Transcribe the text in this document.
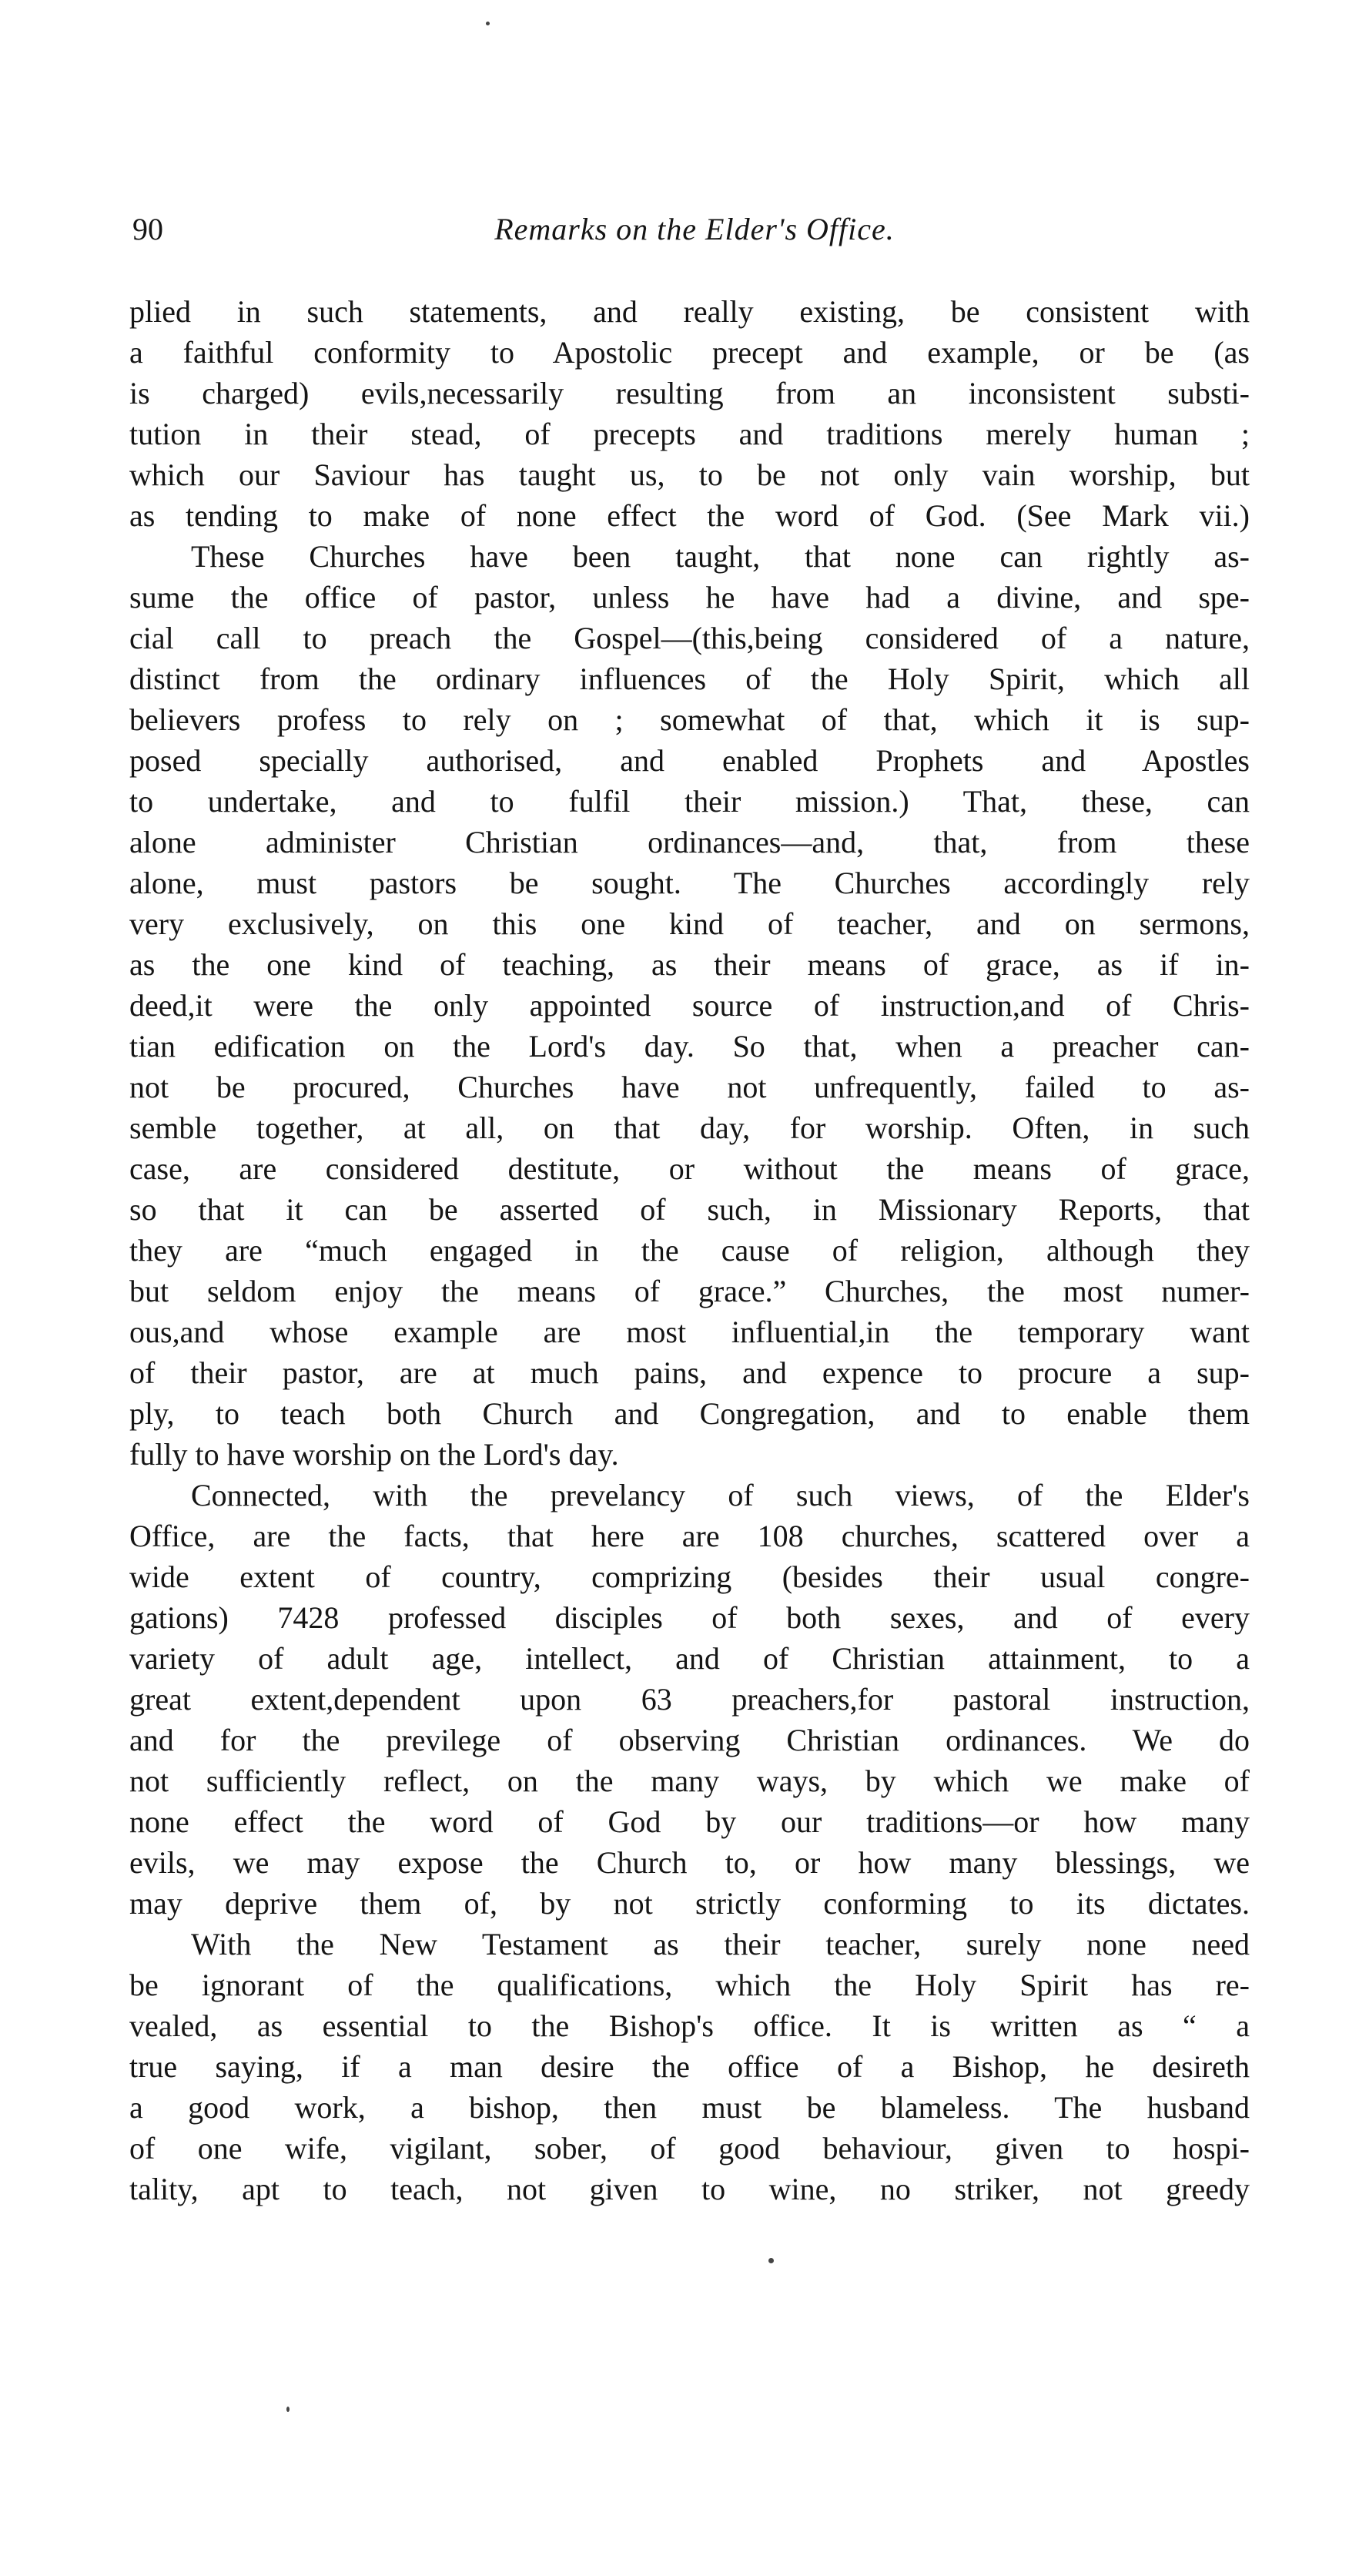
90	Remarks on the Elder's Office.
plied in such statements, and really existing, be consistent with
a faithful conformity to Apostolic precept and example, or be (as
is charged) evils,necessarily resulting from an inconsistent substi-
tution in their stead, of precepts and traditions merely human ;
which our Saviour has taught us, to be not only vain worship, but
as tending to make of none effect the word of God. (See Mark vii.)
These Churches have been taught, that none can rightly as-
sume the office of pastor, unless he have had a divine, and spe-
cial call to preach the Gospel—(this,being considered of a nature,
distinct from the ordinary influences of the Holy Spirit, which all
believers profess to rely on ; somewhat of that, which it is sup-
posed specially authorised, and enabled Prophets and Apostles
to undertake, and to fulfil their mission.) That, these, can
alone administer Christian ordinances—and, that, from these
alone, must pastors be sought. The Churches accordingly rely
very exclusively, on this one kind of teacher, and on sermons,
as the one kind of teaching, as their means of grace, as if in-
deed,it were the only appointed source of instruction,and of Chris-
tian edification on the Lord's day. So that, when a preacher can-
not be procured, Churches have not unfrequently, failed to as-
semble together, at all, on that day, for worship. Often, in such
case, are considered destitute, or without the means of grace,
so that it can be asserted of such, in Missionary Reports, that
they are “much engaged in the cause of religion, although they
but seldom enjoy the means of grace.” Churches, the most numer-
ous,and whose example are most influential,in the temporary want
of their pastor, are at much pains, and expence to procure a sup-
ply, to teach both Church and Congregation, and to enable them
fully to have worship on the Lord's day.
Connected, with the prevelancy of such views, of the Elder's
Office, are the facts, that here are 108 churches, scattered over a
wide extent of country, comprizing (besides their usual congre-
gations) 7428 professed disciples of both sexes, and of every
variety of adult age, intellect, and of Christian attainment, to a
great extent,dependent upon 63 preachers,for pastoral instruction,
and for the previlege of observing Christian ordinances. We do
not sufficiently reflect, on the many ways, by which we make of
none effect the word of God by our traditions—or how many
evils, we may expose the Church to, or how many blessings, we
may deprive them of, by not strictly conforming to its dictates.
With the New Testament as their teacher, surely none need
be ignorant of the qualifications, which the Holy Spirit has re-
vealed, as essential to the Bishop's office. It is written as “ a
true saying, if a man desire the office of a Bishop, he desireth
a good work, a bishop, then must be blameless. The husband
of one wife, vigilant, sober, of good behaviour, given to hospi-
tality, apt to teach, not given to wine, no striker, not greedy
